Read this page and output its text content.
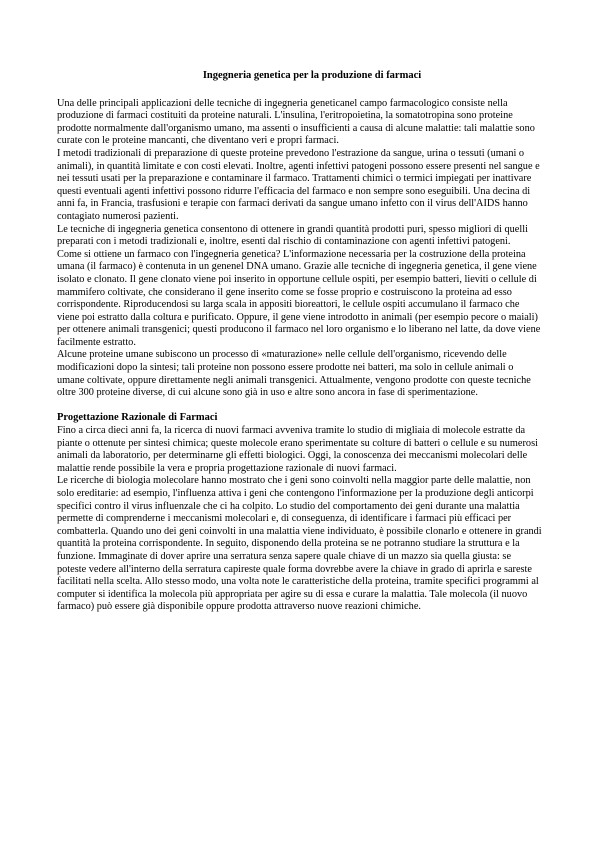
Ingegneria genetica per la produzione di farmaci

Una delle principali applicazioni delle tecniche di ingegneria geneticanel campo farmacologico consiste nella produzione di farmaci costituiti da proteine naturali. L'insulina, l'eritropoietina, la somatotropina sono proteine prodotte normalmente dall'organismo umano, ma assenti o insufficienti a causa di alcune malattie: tali malattie sono curate con le proteine mancanti, che diventano veri e propri farmaci.

I metodi tradizionali di preparazione di queste proteine prevedono l'estrazione da sangue, urina o tessuti (umani o animali), in quantità limitate e con costi elevati. Inoltre, agenti infettivi patogeni possono essere presenti nel sangue e nei tessuti usati per la preparazione e contaminare il farmaco. Trattamenti chimici o termici impiegati per inattivare questi eventuali agenti infettivi possono ridurre l'efficacia del farmaco e non sempre sono eseguibili. Una decina di anni fa, in Francia, trasfusioni e terapie con farmaci derivati da sangue umano infetto con il virus dell'AIDS hanno contagiato numerosi pazienti.

Le tecniche di ingegneria genetica consentono di ottenere in grandi quantità prodotti puri, spesso migliori di quelli preparati con i metodi tradizionali e, inoltre, esenti dal rischio di contaminazione con agenti infettivi patogeni.

Come si ottiene un farmaco con l'ingegneria genetica? L'informazione necessaria per la costruzione della proteina umana (il farmaco) è contenuta in un genenel DNA umano. Grazie alle tecniche di ingegneria genetica, il gene viene isolato e clonato. Il gene clonato viene poi inserito in opportune cellule ospiti, per esempio batteri, lieviti o cellule di mammifero coltivate, che considerano il gene inserito come se fosse proprio e costruiscono la proteina ad esso corrispondente. Riproducendosi su larga scala in appositi bioreattori, le cellule ospiti accumulano il farmaco che viene poi estratto dalla coltura e purificato. Oppure, il gene viene introdotto in animali (per esempio pecore o maiali) per ottenere animali transgenici; questi producono il farmaco nel loro organismo e lo liberano nel latte, da dove viene facilmente estratto.

Alcune proteine umane subiscono un processo di «maturazione» nelle cellule dell'organismo, ricevendo delle modificazioni dopo la sintesi; tali proteine non possono essere prodotte nei batteri, ma solo in cellule animali o umane coltivate, oppure direttamente negli animali transgenici. Attualmente, vengono prodotte con queste tecniche oltre 300 proteine diverse, di cui alcune sono già in uso e altre sono ancora in fase di sperimentazione.

Progettazione Razionale di Farmaci

Fino a circa dieci anni fa, la ricerca di nuovi farmaci avveniva tramite lo studio di migliaia di molecole estratte da piante o ottenute per sintesi chimica; queste molecole erano sperimentate su colture di batteri o cellule e su numerosi animali da laboratorio, per determinarne gli effetti biologici. Oggi, la conoscenza dei meccanismi molecolari delle malattie rende possibile la vera e propria progettazione razionale di nuovi farmaci.

Le ricerche di biologia molecolare hanno mostrato che i geni sono coinvolti nella maggior parte delle malattie, non solo ereditarie: ad esempio, l'influenza attiva i geni che contengono l'informazione per la produzione degli anticorpi specifici contro il virus influenzale che ci ha colpito. Lo studio del comportamento dei geni durante una malattia permette di comprenderne i meccanismi molecolari e, di conseguenza, di identificare i farmaci più efficaci per combatterla. Quando uno dei geni coinvolti in una malattia viene individuato, è possibile clonarlo e ottenere in grandi quantità la proteina corrispondente. In seguito, disponendo della proteina se ne potranno studiare la struttura e la funzione. Immaginate di dover aprire una serratura senza sapere quale chiave di un mazzo sia quella giusta: se poteste vedere all'interno della serratura capireste quale forma dovrebbe avere la chiave in grado di aprirla e sareste facilitati nella scelta. Allo stesso modo, una volta note le caratteristiche della proteina, tramite specifici programmi al computer si identifica la molecola più appropriata per agire su di essa e curare la malattia. Tale molecola (il nuovo farmaco) può essere già disponibile oppure prodotta attraverso nuove reazioni chimiche.
